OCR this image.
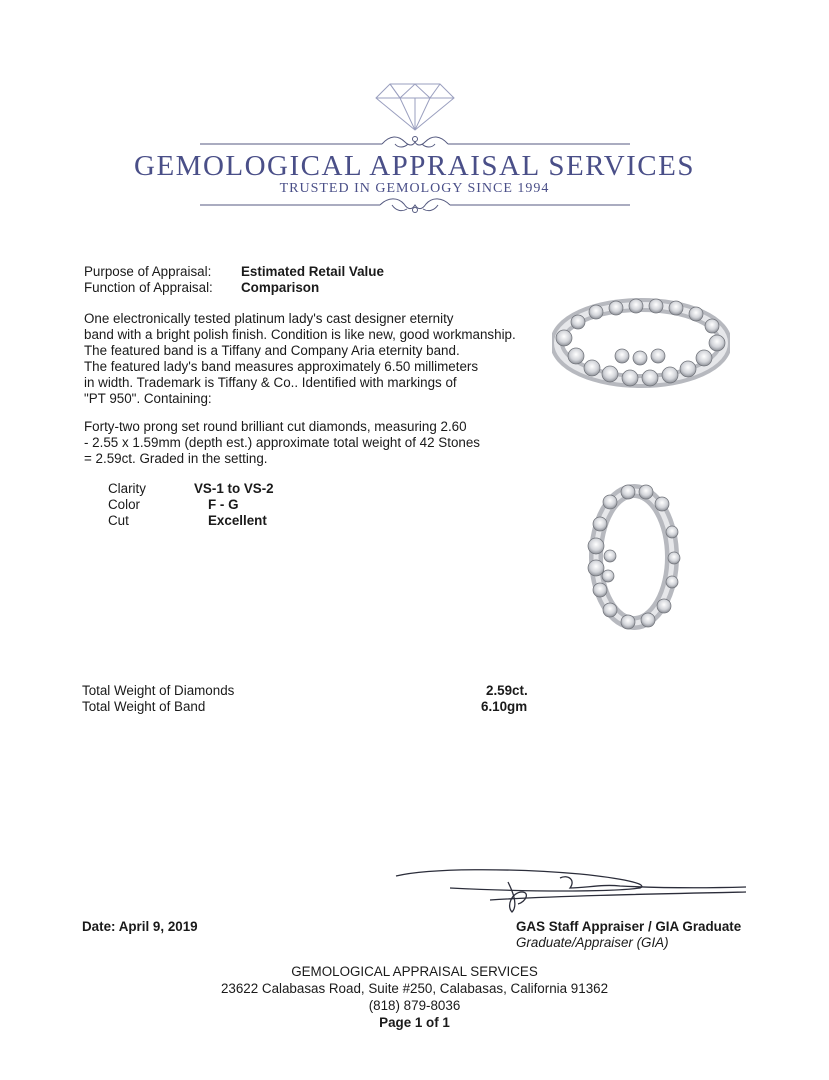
GEMOLOGICAL APPRAISAL SERVICES
TRUSTED IN GEMOLOGY SINCE 1994
Purpose of Appraisal: Estimated Retail Value
Function of Appraisal: Comparison
One electronically tested platinum lady's cast designer eternity
band with a bright polish finish. Condition is like new, good workmanship.
The featured band is a Tiffany and Company Aria eternity band.
The featured lady's band measures approximately 6.50 millimeters
in width. Trademark is Tiffany & Co.. Identified with markings of
"PT 950". Containing:
Forty-two prong set round brilliant cut diamonds, measuring 2.60
- 2.55 x 1.59mm (depth est.) approximate total weight of 42 Stones
= 2.59ct. Graded in the setting.
Clarity	VS-1 to VS-2
Color	F - G
Cut	Excellent
Total Weight of Diamonds	2.59ct.
Total Weight of Band	6.10gm
Date: April 9, 2019	GAS Staff Appraiser / GIA Graduate
Graduate/Appraiser (GIA)
GEMOLOGICAL APPRAISAL SERVICES
23622 Calabasas Road, Suite #250, Calabasas, California 91362
(818) 879-8036
Page 1 of 1
